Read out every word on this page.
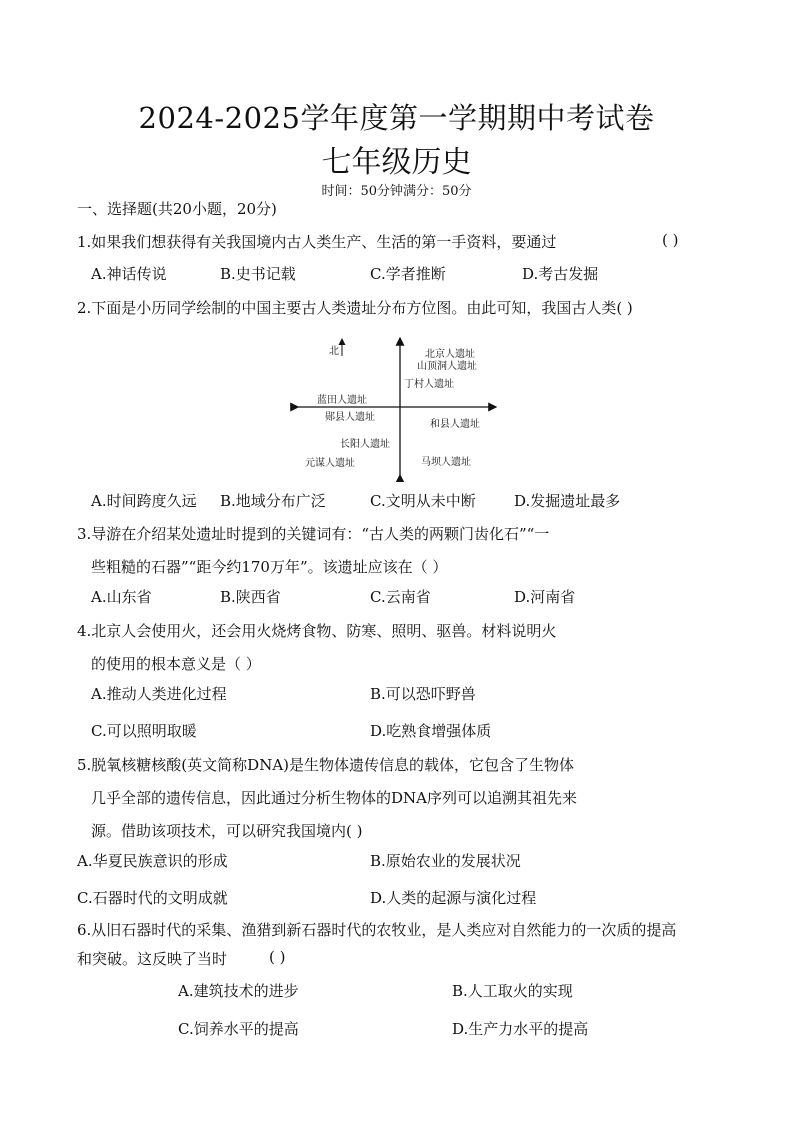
2024-2025学年度第一学期期中考试卷
七年级历史
时间：50分钟满分：50分
一、选择题(共20小题，20分)
1.如果我们想获得有关我国境内古人类生产、生活的第一手资料，要通过	( )
A.神话传说	B.史书记载	C.学者推断	D.考古发掘
2.下面是小历同学绘制的中国主要古人类遗址分布方位图。由此可知，我国古人类( )
北	北京人遗址
山顶洞人遗址
丁村人遗址
蓝田人遗址
郧县人遗址
和县人遗址
长阳人遗址
元谋人遗址	马坝人遗址
A.时间跨度久远 B.地域分布广泛	C.文明从未中断	D.发掘遗址最多
3.导游在介绍某处遗址时提到的关键词有：“古人类的两颗门齿化石”“一
些粗糙的石器”“距今约170万年”。该遗址应该在（ ）
A.山东省	B.陕西省	C.云南省	D.河南省
4.北京人会使用火，还会用火烧烤食物、防寒、照明、驱兽。材料说明火
的使用的根本意义是（ ）
A.推动人类进化过程	B.可以恐吓野兽
C.可以照明取暖	D.吃熟食增强体质
5.脱氧核糖核酸(英文简称DNA)是生物体遗传信息的载体，它包含了生物体
几乎全部的遗传信息，因此通过分析生物体的DNA序列可以追溯其祖先来
源。借助该项技术，可以研究我国境内( )
A.华夏民族意识的形成	B.原始农业的发展状况
C.石器时代的文明成就	D.人类的起源与演化过程
6.从旧石器时代的采集、渔猎到新石器时代的农牧业，是人类应对自然能力的一次质的提高
和突破。这反映了当时	( )
A.建筑技术的进步	B.人工取火的实现
C.饲养水平的提高	D.生产力水平的提高
